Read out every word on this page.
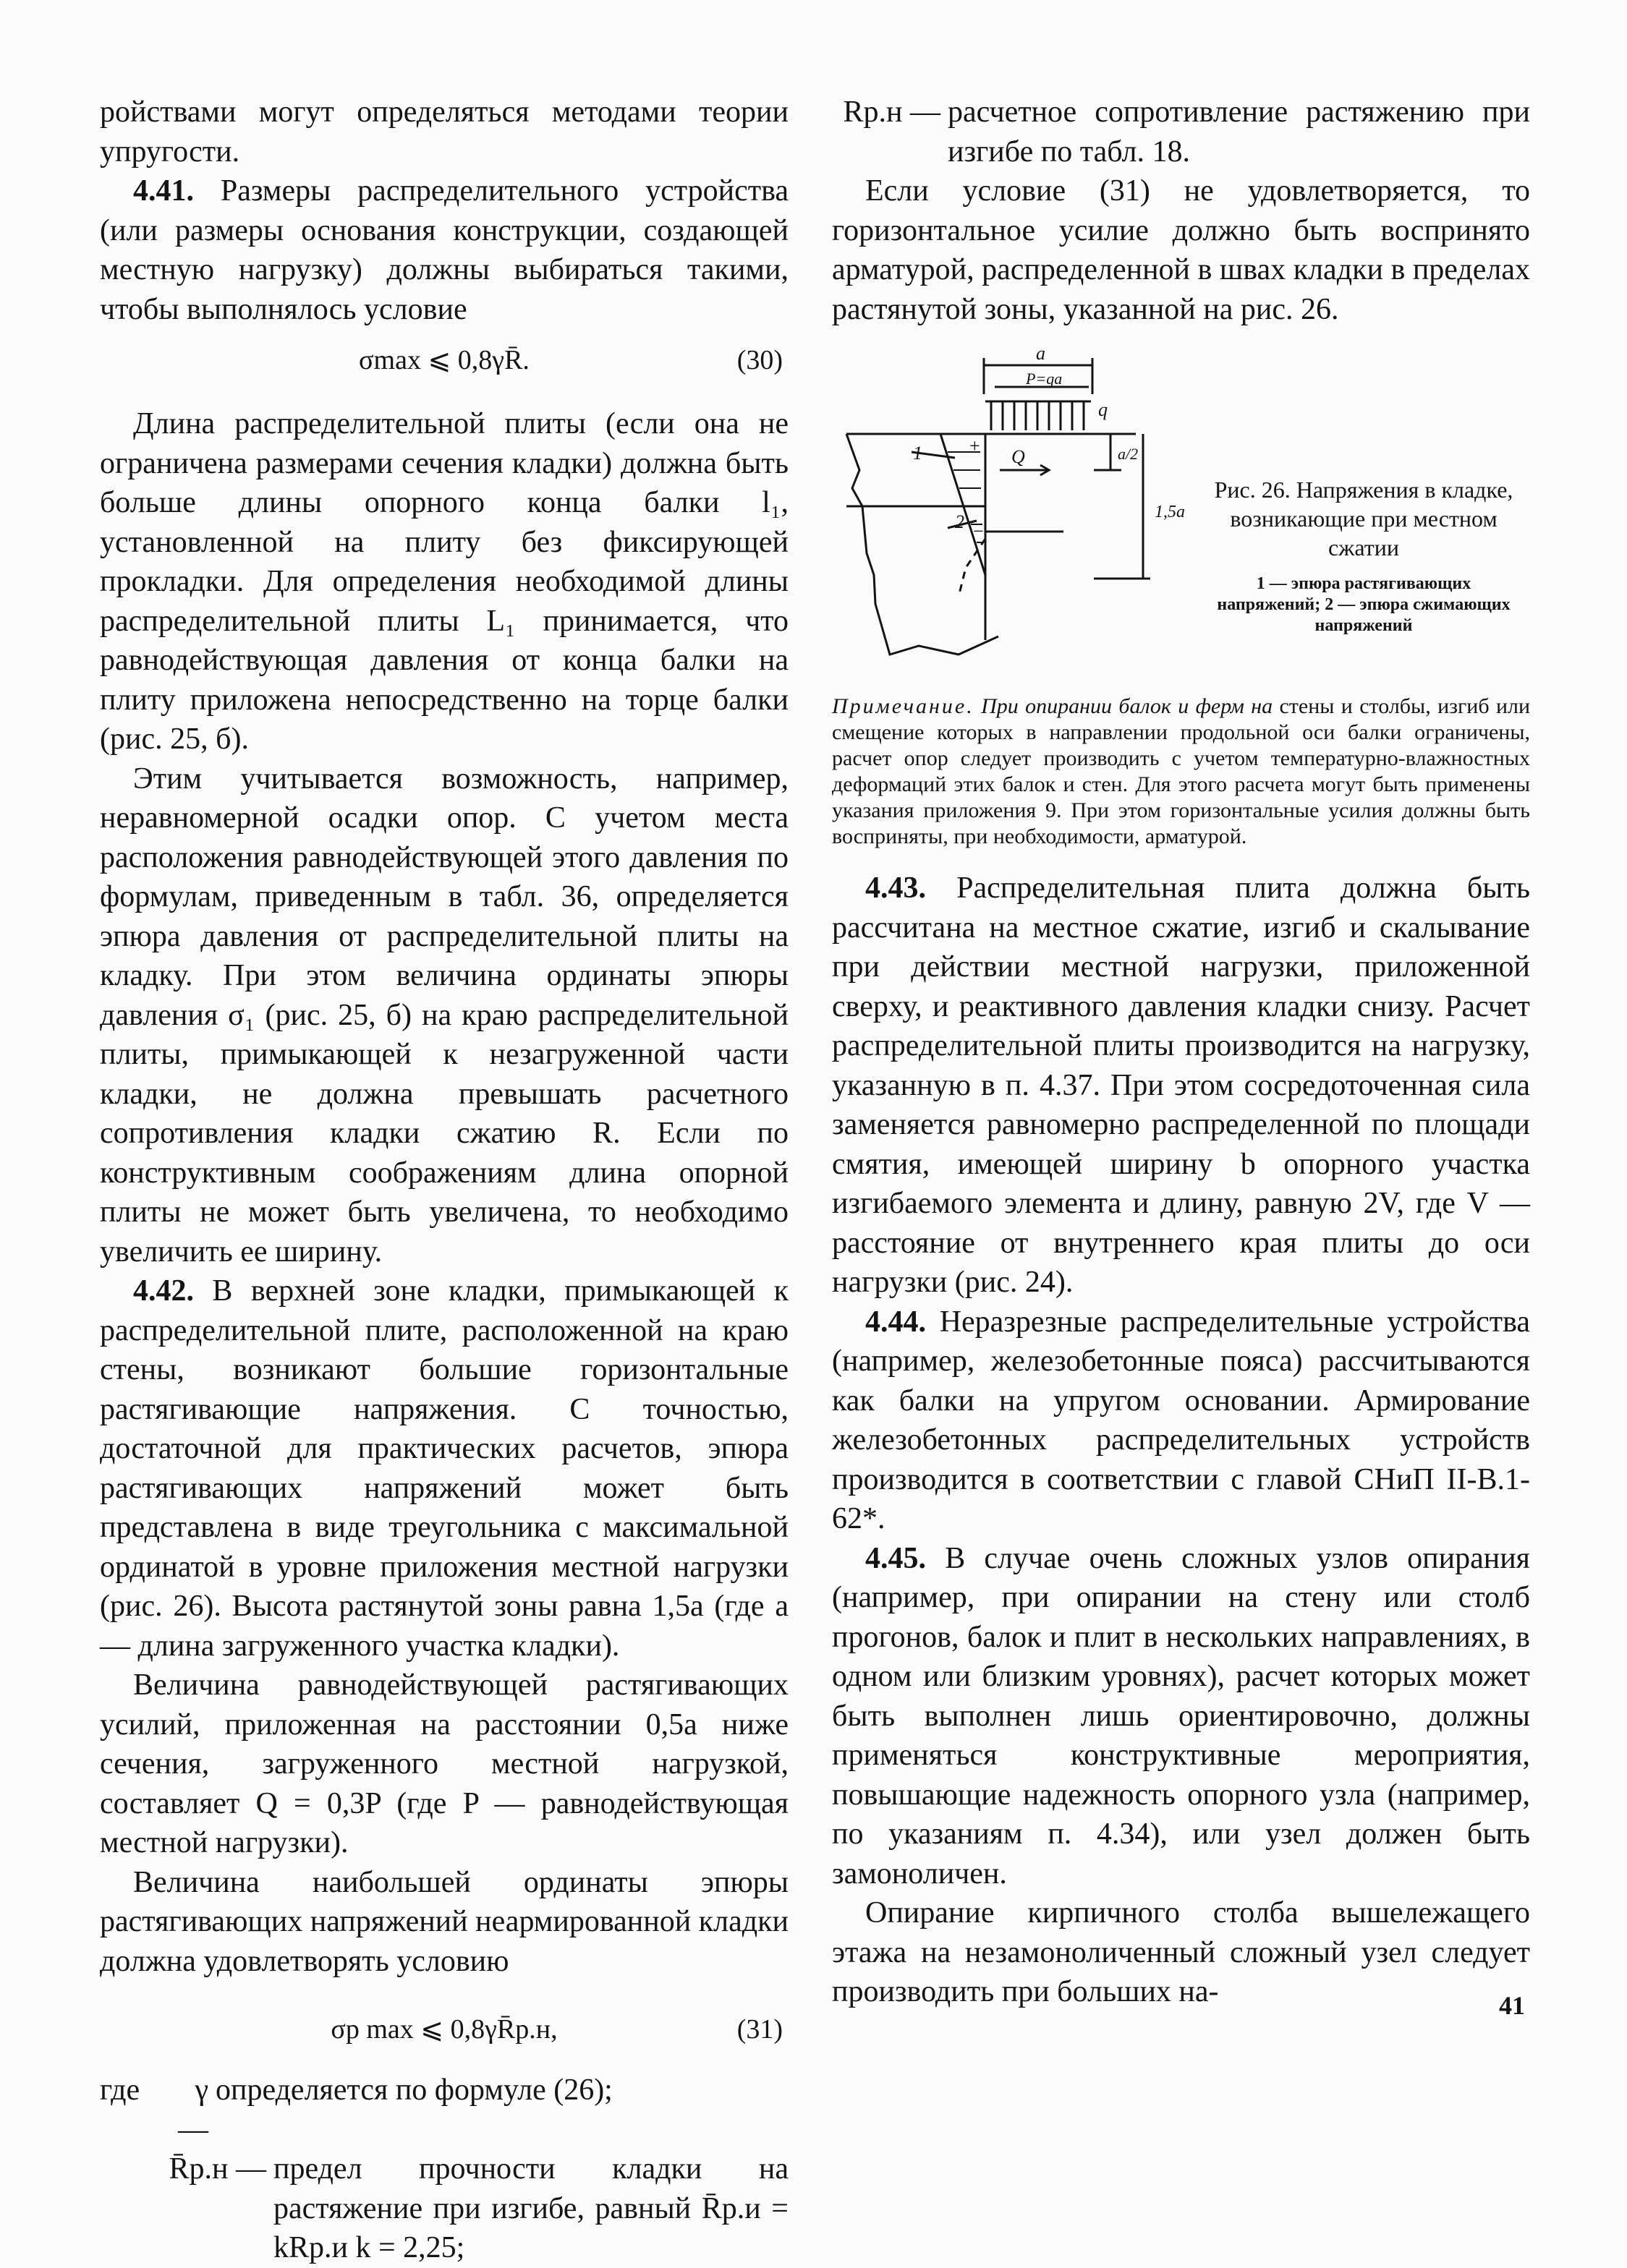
ройствами могут определяться методами теории упругости.

4.41. Размеры распределительного устройства (или размеры основания конструкции, создающей местную нагрузку) должны выбираться такими, чтобы выполнялось условие

σmax ⩽ 0,8γR̄.	(30)

Длина распределительной плиты (если она не ограничена размерами сечения кладки) должна быть больше длины опорного конца балки l₁, установленной на плиту без фиксирующей прокладки. Для определения необходимой длины распределительной плиты L₁ принимается, что равнодействующая давления от конца балки на плиту приложена непосредственно на торце балки (рис. 25, б).

Этим учитывается возможность, например, неравномерной осадки опор. С учетом места расположения равнодействующей этого давления по формулам, приведенным в табл. 36, определяется эпюра давления от распределительной плиты на кладку. При этом величина ординаты эпюры давления σ₁ (рис. 25, б) на краю распределительной плиты, примыкающей к незагруженной части кладки, не должна превышать расчетного сопротивления кладки сжатию R. Если по конструктивным соображениям длина опорной плиты не может быть увеличена, то необходимо увеличить ее ширину.

4.42. В верхней зоне кладки, примыкающей к распределительной плите, расположенной на краю стены, возникают большие горизонтальные растягивающие напряжения. С точностью, достаточной для практических расчетов, эпюра растягивающих напряжений может быть представлена в виде треугольника с максимальной ординатой в уровне приложения местной нагрузки (рис. 26). Высота растянутой зоны равна 1,5a (где a — длина загруженного участка кладки).

Величина равнодействующей растягивающих усилий, приложенная на расстоянии 0,5a ниже сечения, загруженного местной нагрузкой, составляет Q = 0,3P (где P — равнодействующая местной нагрузки).

Величина наибольшей ординаты эпюры растягивающих напряжений неармированной кладки должна удовлетворять условию

σp max ⩽ 0,8γR̄р.н,	(31)
где	γ —
определяется по формуле (26);
R̄р.н — предел прочности кладки на растяжение при изгибе, равный R̄р.и = kRр.и k = 2,25;
Rр.н — расчетное сопротивление растяжению при изгибе по табл. 18.

Если условие (31) не удовлетворяется, то горизонтальное усилие должно быть воспринято арматурой, распределенной в швах кладки в пределах растянутой зоны, указанной на рис. 26.

a
P=qa
q
1	Q	a/2
1,5a
2
+
−

Рис. 26. Напряжения в кладке, возникающие при местном сжатии

1 — эпюра растягивающих напряжений; 2 — эпюра сжимающих напряжений
Примечание. При опирании балок и ферм на стены и столбы, изгиб или смещение которых в направлении продольной оси балки ограничены, расчет опор следует производить с учетом температурно-влажностных деформаций этих балок и стен. Для этого расчета могут быть применены указания приложения 9. При этом горизонтальные усилия должны быть восприняты, при необходимости, арматурой.

4.43. Распределительная плита должна быть рассчитана на местное сжатие, изгиб и скалывание при действии местной нагрузки, приложенной сверху, и реактивного давления кладки снизу. Расчет распределительной плиты производится на нагрузку, указанную в п. 4.37. При этом сосредоточенная сила заменяется равномерно распределенной по площади смятия, имеющей ширину b опорного участка изгибаемого элемента и длину, равную 2V, где V — расстояние от внутреннего края плиты до оси нагрузки (рис. 24).

4.44. Неразрезные распределительные устройства (например, железобетонные пояса) рассчитываются как балки на упругом основании. Армирование железобетонных распределительных устройств производится в соответствии с главой СНиП II-В.1-62*.

4.45. В случае очень сложных узлов опирания (например, при опирании на стену или столб прогонов, балок и плит в нескольких направлениях, в одном или близким уровнях), расчет которых может быть выполнен лишь ориентировочно, должны применяться конструктивные мероприятия, повышающие надежность опорного узла (например, по указаниям п. 4.34), или узел должен быть замоноличен.

Опирание кирпичного столба вышележащего этажа на незамоноличенный сложный узел следует производить при больших на-	41
